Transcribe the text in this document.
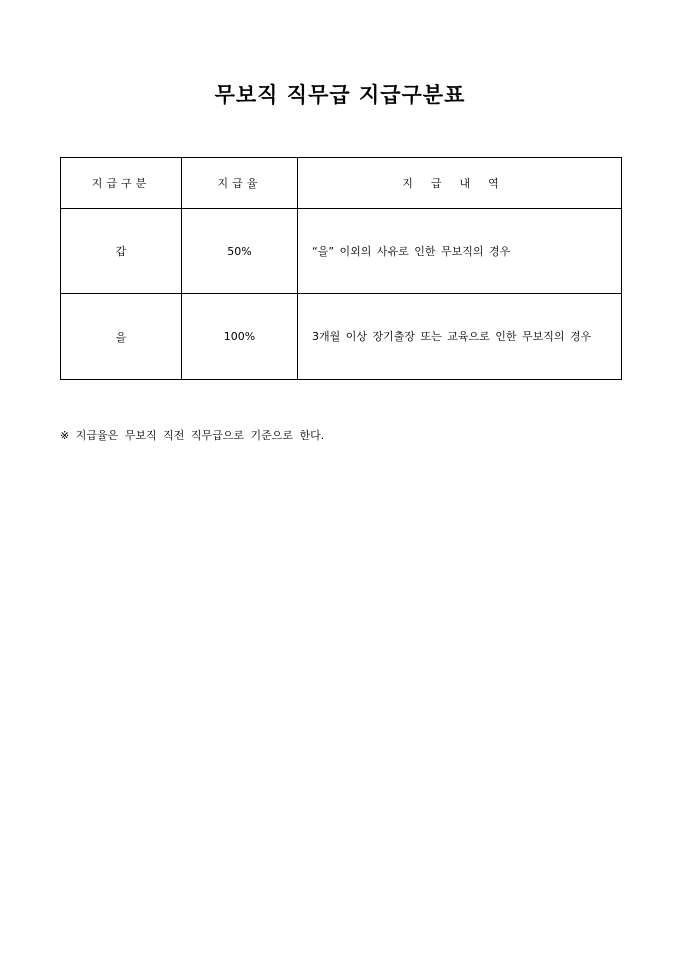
무보직 직무급 지급구분표
지급구분	지급율	지급내역
갑	50%	“을” 이외의 사유로 인한 무보직의 경우
을	100%	3개월 이상 장기출장 또는 교육으로 인한 무보직의 경우
※ 지급율은 무보직 직전 직무급으로 기준으로 한다.
